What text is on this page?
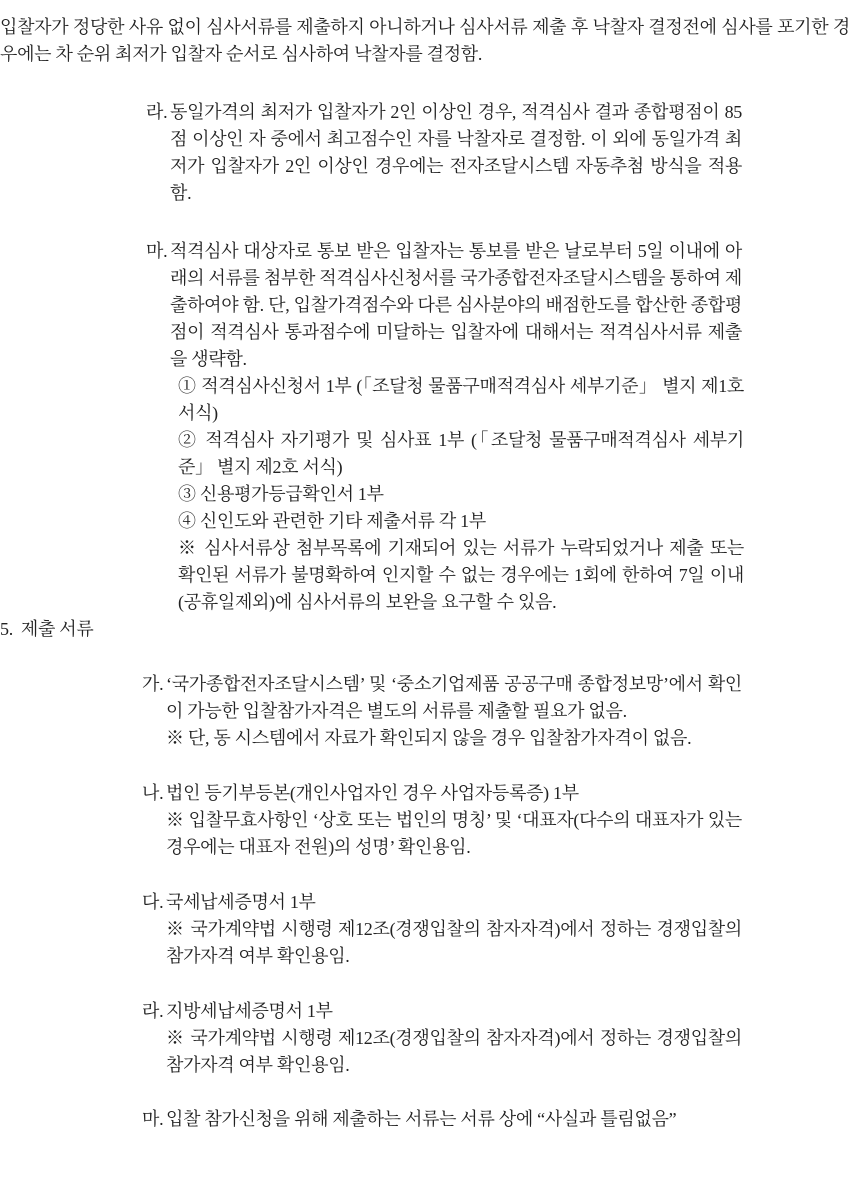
입찰자가 정당한 사유 없이 심사서류를 제출하지 아니하거나 심사서류 제출 후 낙찰자 결정전에 심사를 포기한 경우에는 차 순위 최저가 입찰자 순서로 심사하여 낙찰자를 결정함.

라. 동일가격의 최저가 입찰자가 2인 이상인 경우, 적격심사 결과 종합평점이 85점 이상인 자 중에서 최고점수인 자를 낙찰자로 결정함. 이 외에 동일가격 최저가 입찰자가 2인 이상인 경우에는 전자조달시스템 자동추첨 방식을 적용함.

마. 적격심사 대상자로 통보 받은 입찰자는 통보를 받은 날로부터 5일 이내에 아래의 서류를 첨부한 적격심사신청서를 국가종합전자조달시스템을 통하여 제출하여야 함. 단, 입찰가격점수와 다른 심사분야의 배점한도를 합산한 종합평점이 적격심사 통과점수에 미달하는 입찰자에 대해서는 적격심사서류 제출을 생략함.

① 적격심사신청서 1부 (「조달청 물품구매적격심사 세부기준」 별지 제1호 서식)

② 적격심사 자기평가 및 심사표 1부 (「조달청 물품구매적격심사 세부기준」 별지 제2호 서식)

③ 신용평가등급확인서 1부

④ 신인도와 관련한 기타 제출서류 각 1부

※ 심사서류상 첨부목록에 기재되어 있는 서류가 누락되었거나 제출 또는 확인된 서류가 불명확하여 인지할 수 없는 경우에는 1회에 한하여 7일 이내(공휴일제외)에 심사서류의 보완을 요구할 수 있음.

5. 제출 서류

가. ‘국가종합전자조달시스템’ 및 ‘중소기업제품 공공구매 종합정보망’에서 확인이 가능한 입찰참가자격은 별도의 서류를 제출할 필요가 없음.

※ 단, 동 시스템에서 자료가 확인되지 않을 경우 입찰참가자격이 없음.

나. 법인 등기부등본(개인사업자인 경우 사업자등록증) 1부

※ 입찰무효사항인 ‘상호 또는 법인의 명칭’ 및 ‘대표자(다수의 대표자가 있는 경우에는 대표자 전원)의 성명’ 확인용임.

다. 국세납세증명서 1부

※ 국가계약법 시행령 제12조(경쟁입찰의 참자자격)에서 정하는 경쟁입찰의 참가자격 여부 확인용임.

라. 지방세납세증명서 1부

※ 국가계약법 시행령 제12조(경쟁입찰의 참자자격)에서 정하는 경쟁입찰의 참가자격 여부 확인용임.

마. 입찰 참가신청을 위해 제출하는 서류는 서류 상에 “사실과 틀림없음”
